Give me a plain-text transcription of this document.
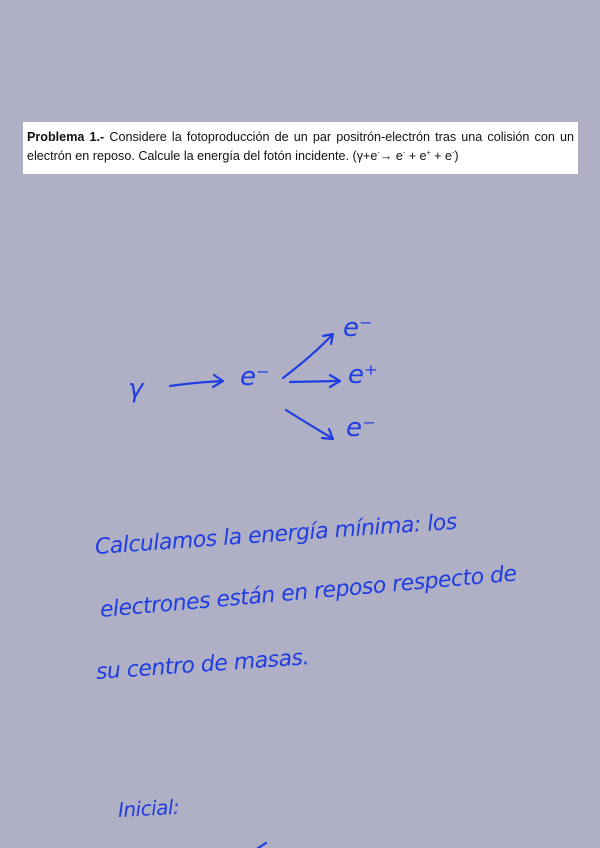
Problema 1.- Considere la fotoproducción de un par positrón-electrón tras una colisión con un electrón en reposo. Calcule la energía del fotón incidente. (γ+e-→ e- + e+ + e-)
γ	e⁻
e⁻
e⁺
e⁻
Calculamos la energía mínima: los
electrones están en reposo respecto de
su centro de masas.
Inicial:
